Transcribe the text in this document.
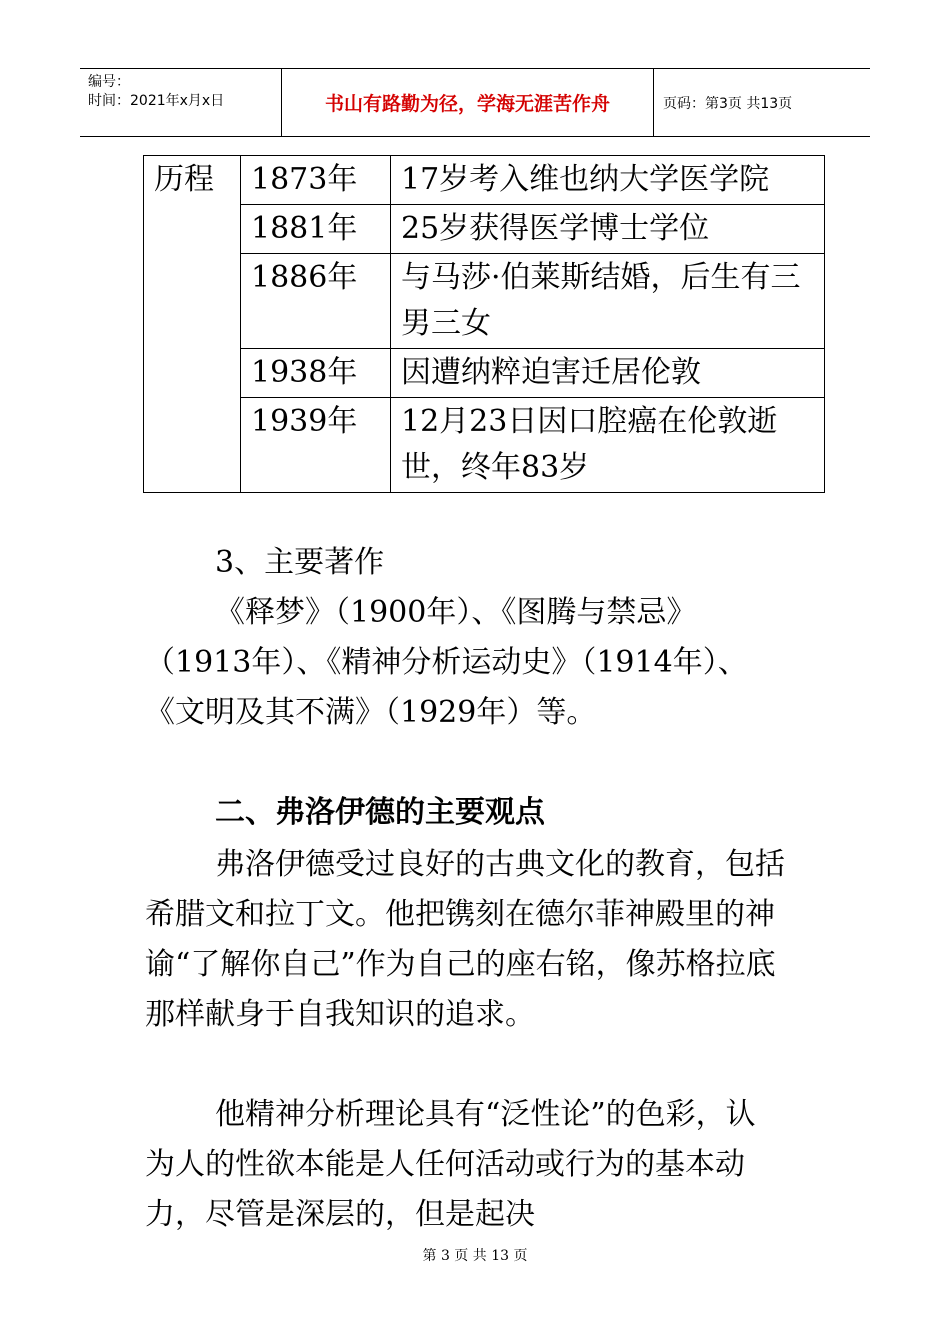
编号：
时间：2021年x月x日	书山有路勤为径，学海无涯苦作舟	页码：第3页 共13页
历程	1873年	17岁考入维也纳大学医学院
	1881年	25岁获得医学博士学位
	1886年	与马莎·伯莱斯结婚，后生有三男三女
	1938年	因遭纳粹迫害迁居伦敦
	1939年	12月23日因口腔癌在伦敦逝世，终年83岁

3、主要著作

《释梦》（1900年）、《图腾与禁忌》（1913年）、《精神分析运动史》（1914年）、《文明及其不满》（1929年）等。

二、弗洛伊德的主要观点

弗洛伊德受过良好的古典文化的教育，包括希腊文和拉丁文。他把镌刻在德尔菲神殿里的神谕“了解你自己”作为自己的座右铭，像苏格拉底那样献身于自我知识的追求。

他精神分析理论具有“泛性论”的色彩，认为人的性欲本能是人任何活动或行为的基本动力，尽管是深层的，但是起决

第 3 页 共 13 页
